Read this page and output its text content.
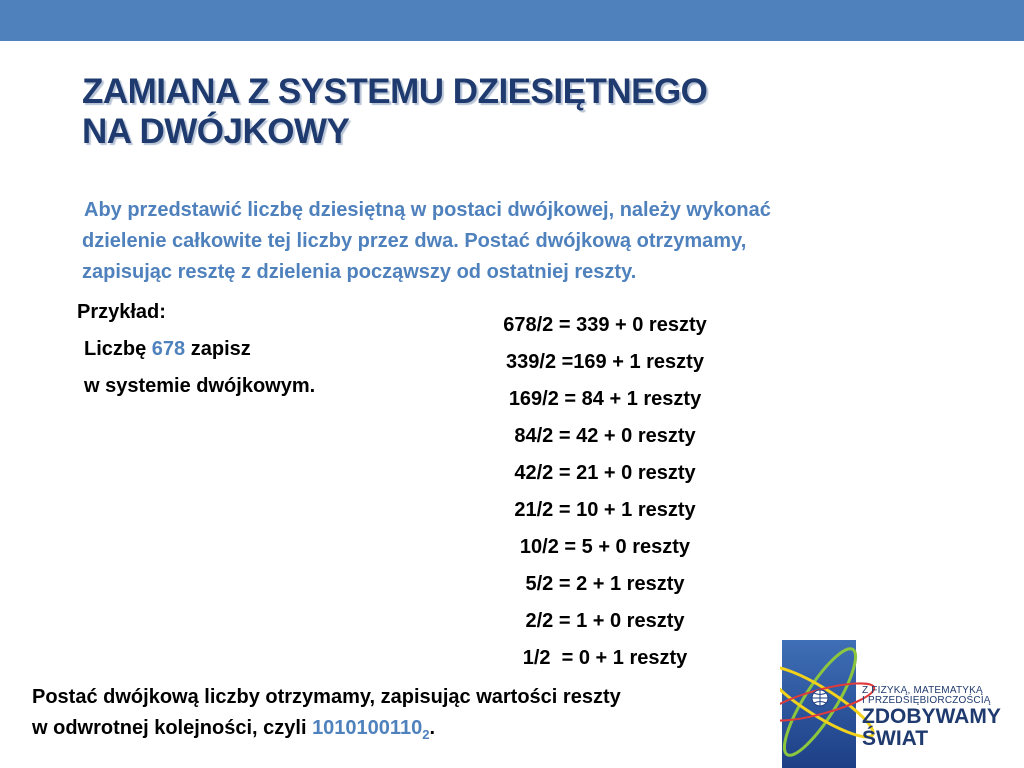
ZAMIANA Z SYSTEMU DZIESIĘTNEGO
NA DWÓJKOWY
Aby przedstawić liczbę dziesiętną w postaci dwójkowej, należy wykonać
dzielenie całkowite tej liczby przez dwa. Postać dwójkową otrzymamy,
zapisując resztę z dzielenia począwszy od ostatniej reszty.
Przykład:
Liczbę 678 zapisz
w systemie dwójkowym.
678/2 = 339 + 0 reszty
339/2 =169 + 1 reszty
169/2 = 84 + 1 reszty
84/2 = 42 + 0 reszty
42/2 = 21 + 0 reszty
21/2 = 10 + 1 reszty
10/2 = 5 + 0 reszty
5/2 = 2 + 1 reszty
2/2 = 1 + 0 reszty
1/2  = 0 + 1 reszty
Postać dwójkową liczby otrzymamy, zapisując wartości reszty
w odwrotnej kolejności, czyli $1010100110_2$.
Z FIZYKĄ, MATEMATYKĄ
I PRZEDSIĘBIORCZOŚCIĄ
ZDOBYWAMY
ŚWIAT
